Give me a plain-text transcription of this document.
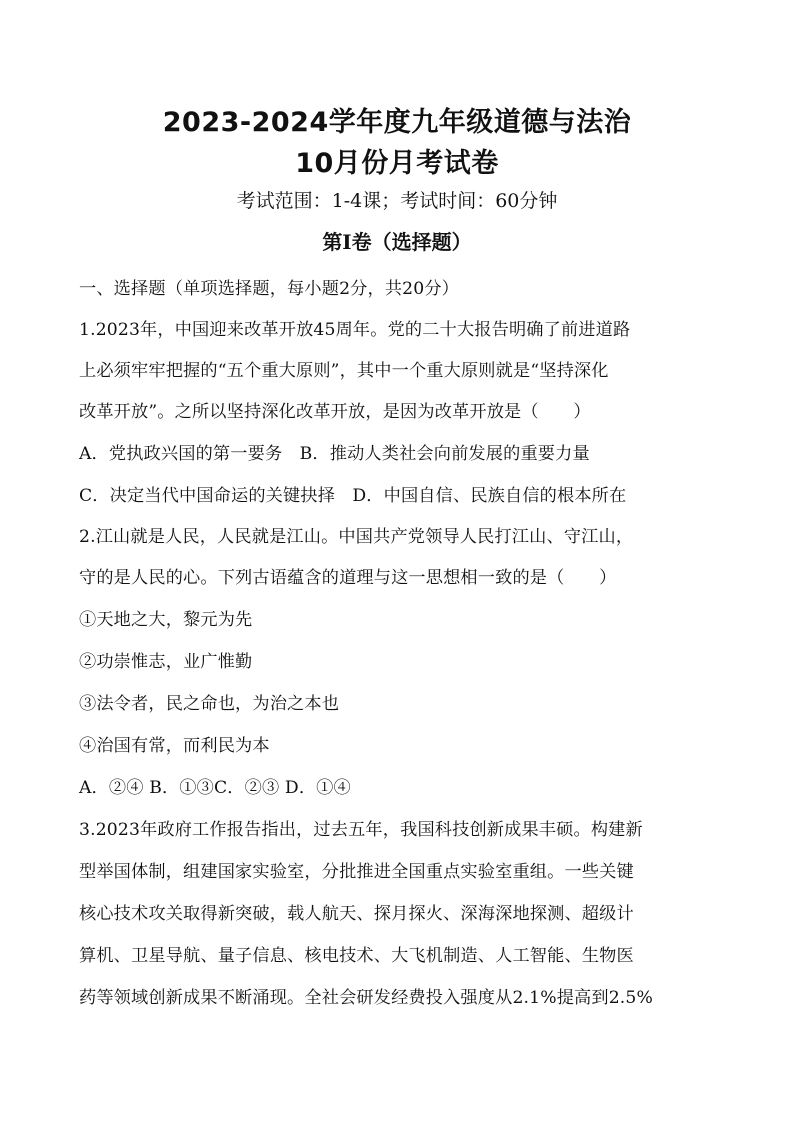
2023-2024学年度九年级道德与法治
10月份月考试卷
考试范围：1-4课；考试时间：60分钟
第I卷（选择题）
一、选择题（单项选择题，每小题2分，共20分）
1.2023年，中国迎来改革开放45周年。党的二十大报告明确了前进道路
上必须牢牢把握的“五个重大原则”，其中一个重大原则就是“坚持深化
改革开放”。之所以坚持深化改革开放，是因为改革开放是（　　）
A．党执政兴国的第一要务　B．推动人类社会向前发展的重要力量
C．决定当代中国命运的关键抉择　D．中国自信、民族自信的根本所在
2.江山就是人民，人民就是江山。中国共产党领导人民打江山、守江山，
守的是人民的心。下列古语蕴含的道理与这一思想相一致的是（　　）
①天地之大，黎元为先
②功崇惟志，业广惟勤
③法令者，民之命也，为治之本也
④治国有常，而利民为本
A．②④ B．①③C．②③ D．①④
3.2023年政府工作报告指出，过去五年，我国科技创新成果丰硕。构建新
型举国体制，组建国家实验室，分批推进全国重点实验室重组。一些关键
核心技术攻关取得新突破，载人航天、探月探火、深海深地探测、超级计
算机、卫星导航、量子信息、核电技术、大飞机制造、人工智能、生物医
药等领域创新成果不断涌现。全社会研发经费投入强度从2.1%提高到2.5%
